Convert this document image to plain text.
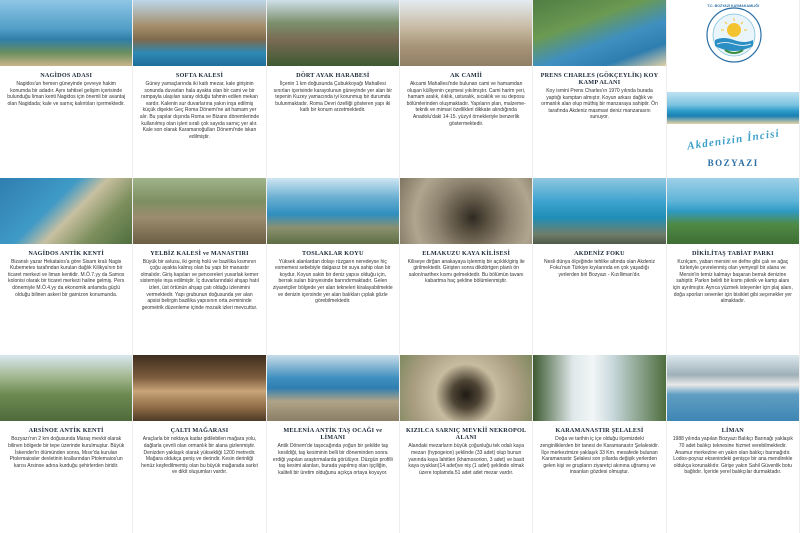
NAGİDOS ADASI

Nagidos'un hemen güneyinde çevreye hakim konumda bir adadır. Aynı tahtisel gelişim içerisinde bulunduğu liman kenti Nagidos için önemli bir avantaj olan Nagidada; kale ve sarnıç kalıntıları içermektedir.

SOFTA KALESİ

Güney yamaçlarında iki katlı mezar, kale girişinin sonunda duvarları hala ayakta olan bir cami ve bir rampayla ulaşılan saray olduğu tahmin edilen mekan vardır. Kalenin sur duvarlarına yakın inşa edilmiş küçük dişekte Geç Roma Dönemi'ne ait hamam yer alır. Bu yapılar dışında Roma ve Bizans dönemlerinde kullanılmış olan işleri sırali çok sayıda sarnıç yer alır. Kale son olarak Karamanoğulları Dönemi'nde iskan edilmiştir.

DÖRT AYAK HARABESİ

İlçenin 1 km doğusunda Çubukkoyağı Mahallesi sınırları içerisinde karayolunun güneyinde yer alan bir tepenin Kuzey yamacında iyi korunmuş bir durumda bulunmaktadır. Roma Devri özelliği gösteren yapı iki katlı bir konum arzetmektedir.

AK CAMİİ

Akcami Mahallesi'nde bulunan cami ve hamamdan oluşan külliyenin çeşmesi yıkılmıştır. Cami harim yeri, hamam aralık, ılıklık, usturalık, sıcaklık ve su deposu bölümlerinden oluşmaktadır. Yapıların plan, malzeme-teknik ve mimari özellikleri dikkate alındığında Anadolu'daki 14-15. yüzyıl örnekleriyle benzerlik göstermektedir.

PRENS CHARLES (GÖKÇEYLİK) KOY KAMP ALANI

Koy ismini Prens Charles'ın 1970 yılında burada yaptığı kamptan almıştır. Koyun arkası dağlık ve ormanlık alan olup müthiş bir manzaraya sahiptir. Ön tarafında Akdeniz masmavi deniz manzarasını sunuyor.

T.C. BOZYAZI KAYMAKAMLIĞI
Akdenizin İncisi
BOZYAZI
NAGİDOS ANTİK KENTİ

Bizanslı yazar Hekataios'a göre Sisam kralı Nagis Kubemetes tarafından kurulan dağlık Kilikya'nın bir ticaret merkezi ve liman kentidir. M.Ö.7.yy da Samos kolonisi olarak bir ticaret merkezi haline gelmiş. Pers dönemiyle M.Ö.4.yy da ekonomik anlamda güçlü olduğu bilinen askeri bir garnizon konumunda.

YELBİZ KALESİ ve MANASTIRI

Büyük bir avlusu, iki geniş holü ve bazilika kısmının çoğu ayakta kalmış olan bu yapı bir manastır olmalıdır. Giriş kapıları ve pencereleri yuvarlak kemer sistemiyle inşa edilmiştir. İç duvarlarındaki ahşap hatıl izleri, üst örtünün ahşap çatı olduğu izlenimini vermektedir. Yapı grubunun doğusunda yer alan apsisi belirgin bazilika yapısının orta zemininde geometrik düzenleme içinde mozaik izleri mevcuttur.

TOSLAKLAR KOYU

Yüksek alanlardan dolayı rüzgarın neredeyse hiç esmemesi sebebiyle dalgasız bir suya sahip olan bir koydur. Koyun sakin bir deniz yapısı olduğu için, berrak suları bünyesinde barındırmaktadır. Gelen ziyaretçiler bölgede yer alan tekneleri kiralayabilmekte ve denizin içersinde yer alan balıkları çıplak gözle görebilmektedir.

ELMAKUZU KAYA KİLİSESİ

Kiliseye dirğan anakayaya işlenmiş bir açıklık/giriş ile girilmektedir. Girişten sonra dikdörtgen planlı ön salon/narthex kısmı gelmektedir. Bu bölümün tavanı kabartma haç şekline bölümlenmiştir.

AKDENİZ FOKU

Nesli dünya ölçeğinde tehlike altında olan Akdeniz Foku'nun Türkiye kıyılarında en çok yaşadığı yerlerden biri Bozyazı - Kızılliman'dır.

DİKİLİTAŞ TABİAT PARKI

Kızılçam, yaban mersini ve defne gibi çalı ve ağaç türleriyle çevrelenmiş olan yemyeşil bir alana ve Mersin'in temiz kalmayı başaran berrak denizine sahiptir. Parkın belirli bir kısmı piknik ve kamp alanı için ayrılmıştır. Ayrıca yüzmek isteyenler için plaj alanı, doğa sporları sevenler için bisiklet gibi seçenekler yer almaktadır.

ARSİNOE ANTİK KENTİ

Bozyazı'nın 2 km doğusunda Maraş mevkii olarak bilinen bölgede bir tepe üzerinde kurulmuştur. Büyük İskender'in ölümünden sonra, Mısır'da kurulan Ptolemaiosler devletinin krallarından Ptolemaios'un karısı Arsinoe adına kurduğu şehirlerden biridir.

ÇALTI MAĞARASI

Araçlarla bir noktaya kadar gidilebilen mağara yolu, dağlarla çevrili olan ormanlık bir alana gizlenmiştir. Denizden yaklaşık olarak yüksekliği 1200 metredir. Mağara oldukça geniş ve derindir. Kesin derinliği henüz keşfedilmemiş olan bu büyük mağarada sarkıt ve dikit oluşumları vardır.

MELENİA ANTİK TAŞ OCAĞI ve LİMANI

Antik Dönem'de taşocağında yoğun bir şekilde taş kesildiği, taş kesiminin belli bir döneminden sonra erdiği yapılan araştırmalarda görülüyor. Düzgün profilli taş kesimi alanları, burada yapılmış olan işçiliğin, kaliteli bir üretim olduğunu açıkça ortaya koyuyor.

KIZILCA SARNIÇ MEVKİİ NEKROPOL ALANI

Alandaki mezarların büyük çoğunluğu tek odalı kaya mezarı (hypogeion) şeklinde (33 adet) olup bunun yanında kaya lahitleri (khamosorion, 3 adet) ve basit kaya oyukları(14 adet)ve niş (1 adet) şeklinde olmak üzere toplamda 51 adet adet mezar vardır.

KARAMANASTIR ŞELALESİ

Doğa ve tarihin iç içe olduğu ilçemizdeki zenginliklerden bir tanesi de Karamanastır Şelalesidir. İlçe merkezimize yaklaşık 33 Km. mesafede bulunan Karamanastır Şelalesi son yıllarda değişik yerlerden gelen kişi ve grupların ziyaretçi akınına uğramış ve insanları gözdesi olmuştur.

LİMAN

1988 yılında yapılan Bozyazı Balıkçı Barınağı yaklaşık 70 adet balıkçı teknesine hizmet verebilmektedir. Anamur merkezine en yakın olan balıkçı barınağıdır. Lodos-poyraz eksenindeki genişçe bir ana mendirekle oldukça korunaklıdır. Girişe yakın Sahil Güvenlik botu bağlıdır. İçeride yerel balıkçılar durmaktadır.
